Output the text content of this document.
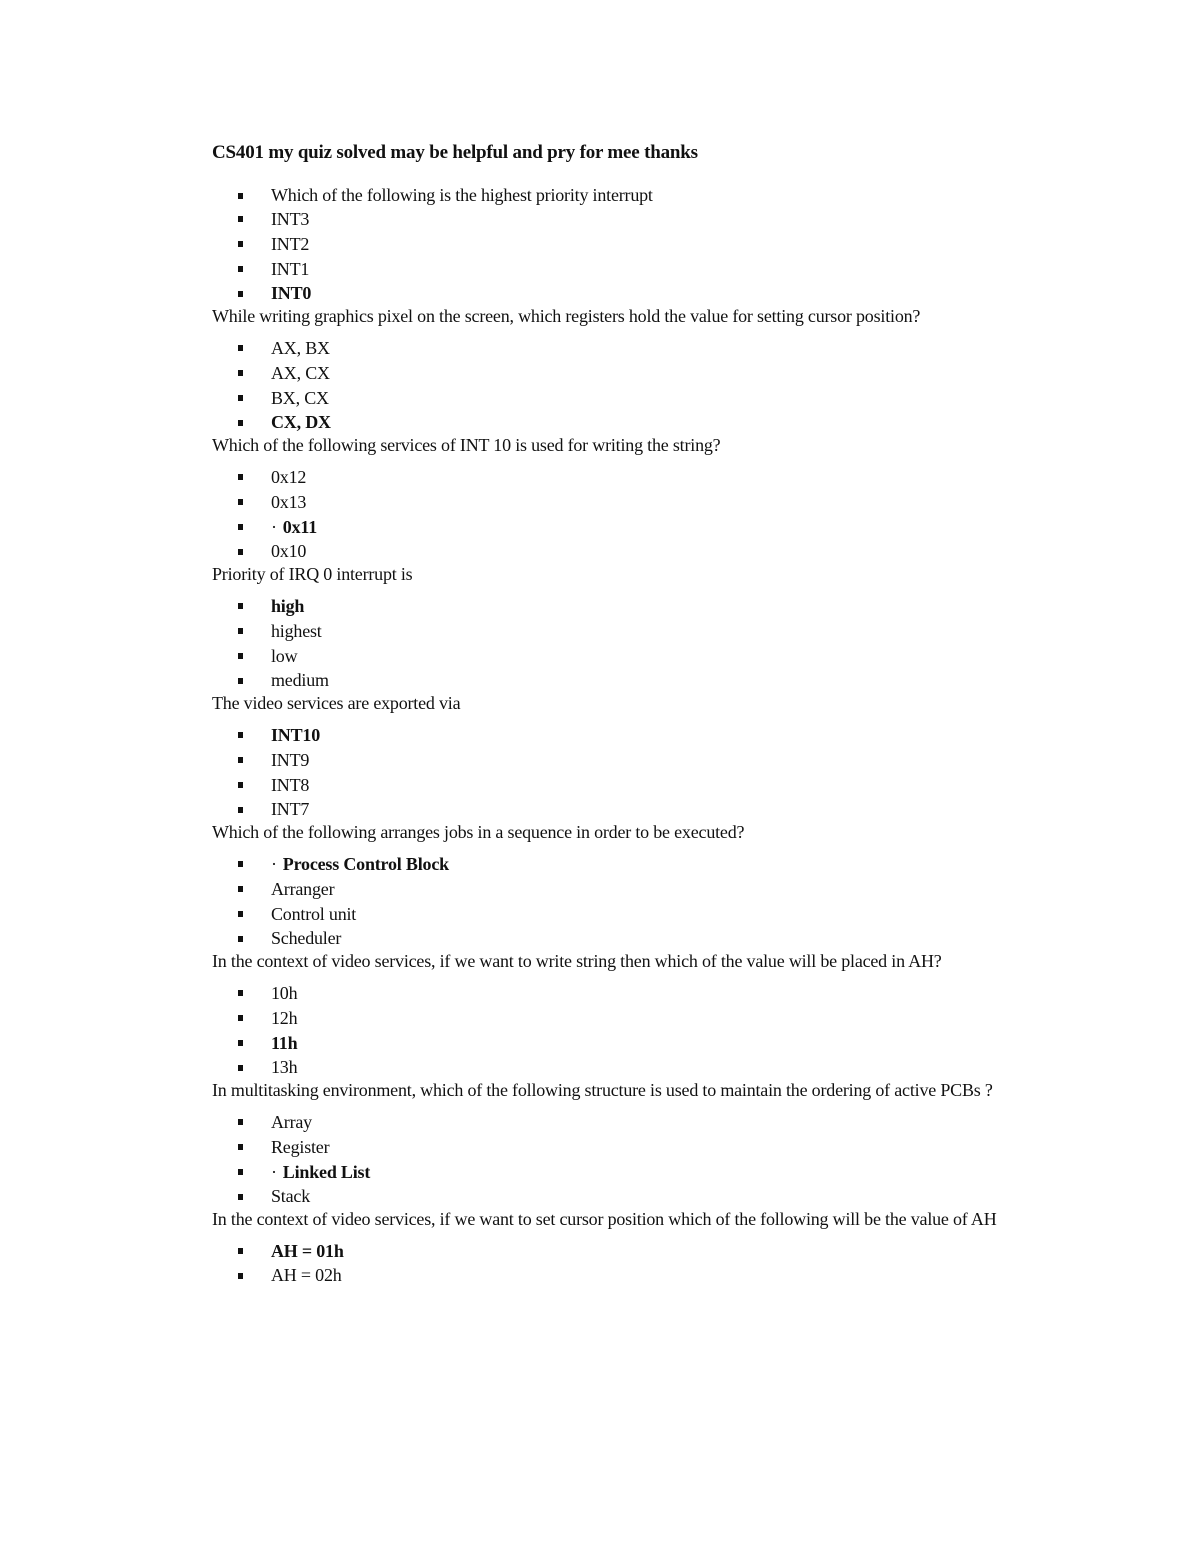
CS401 my quiz solved may be helpful and pry for mee thanks
Which of the following is the highest priority interrupt
INT3
INT2
INT1
INT0

While writing graphics pixel on the screen, which registers hold the value for setting cursor position?

AX, BX
AX, CX
BX, CX
CX, DX

Which of the following services of INT 10 is used for writing the string?

0x12
0x13
· 0x11
0x10

Priority of IRQ 0 interrupt is

high
highest
low
medium

The video services are exported via

INT10
INT9
INT8
INT7

Which of the following arranges jobs in a sequence in order to be executed?

· Process Control Block
Arranger
Control unit
Scheduler

In the context of video services, if we want to write string then which of the value will be placed in AH?

10h
12h
11h
13h

In multitasking environment, which of the following structure is used to maintain the ordering of active PCBs ?

Array
Register
· Linked List
Stack

In the context of video services, if we want to set cursor position which of the following will be the value of AH

AH = 01h
AH = 02h
